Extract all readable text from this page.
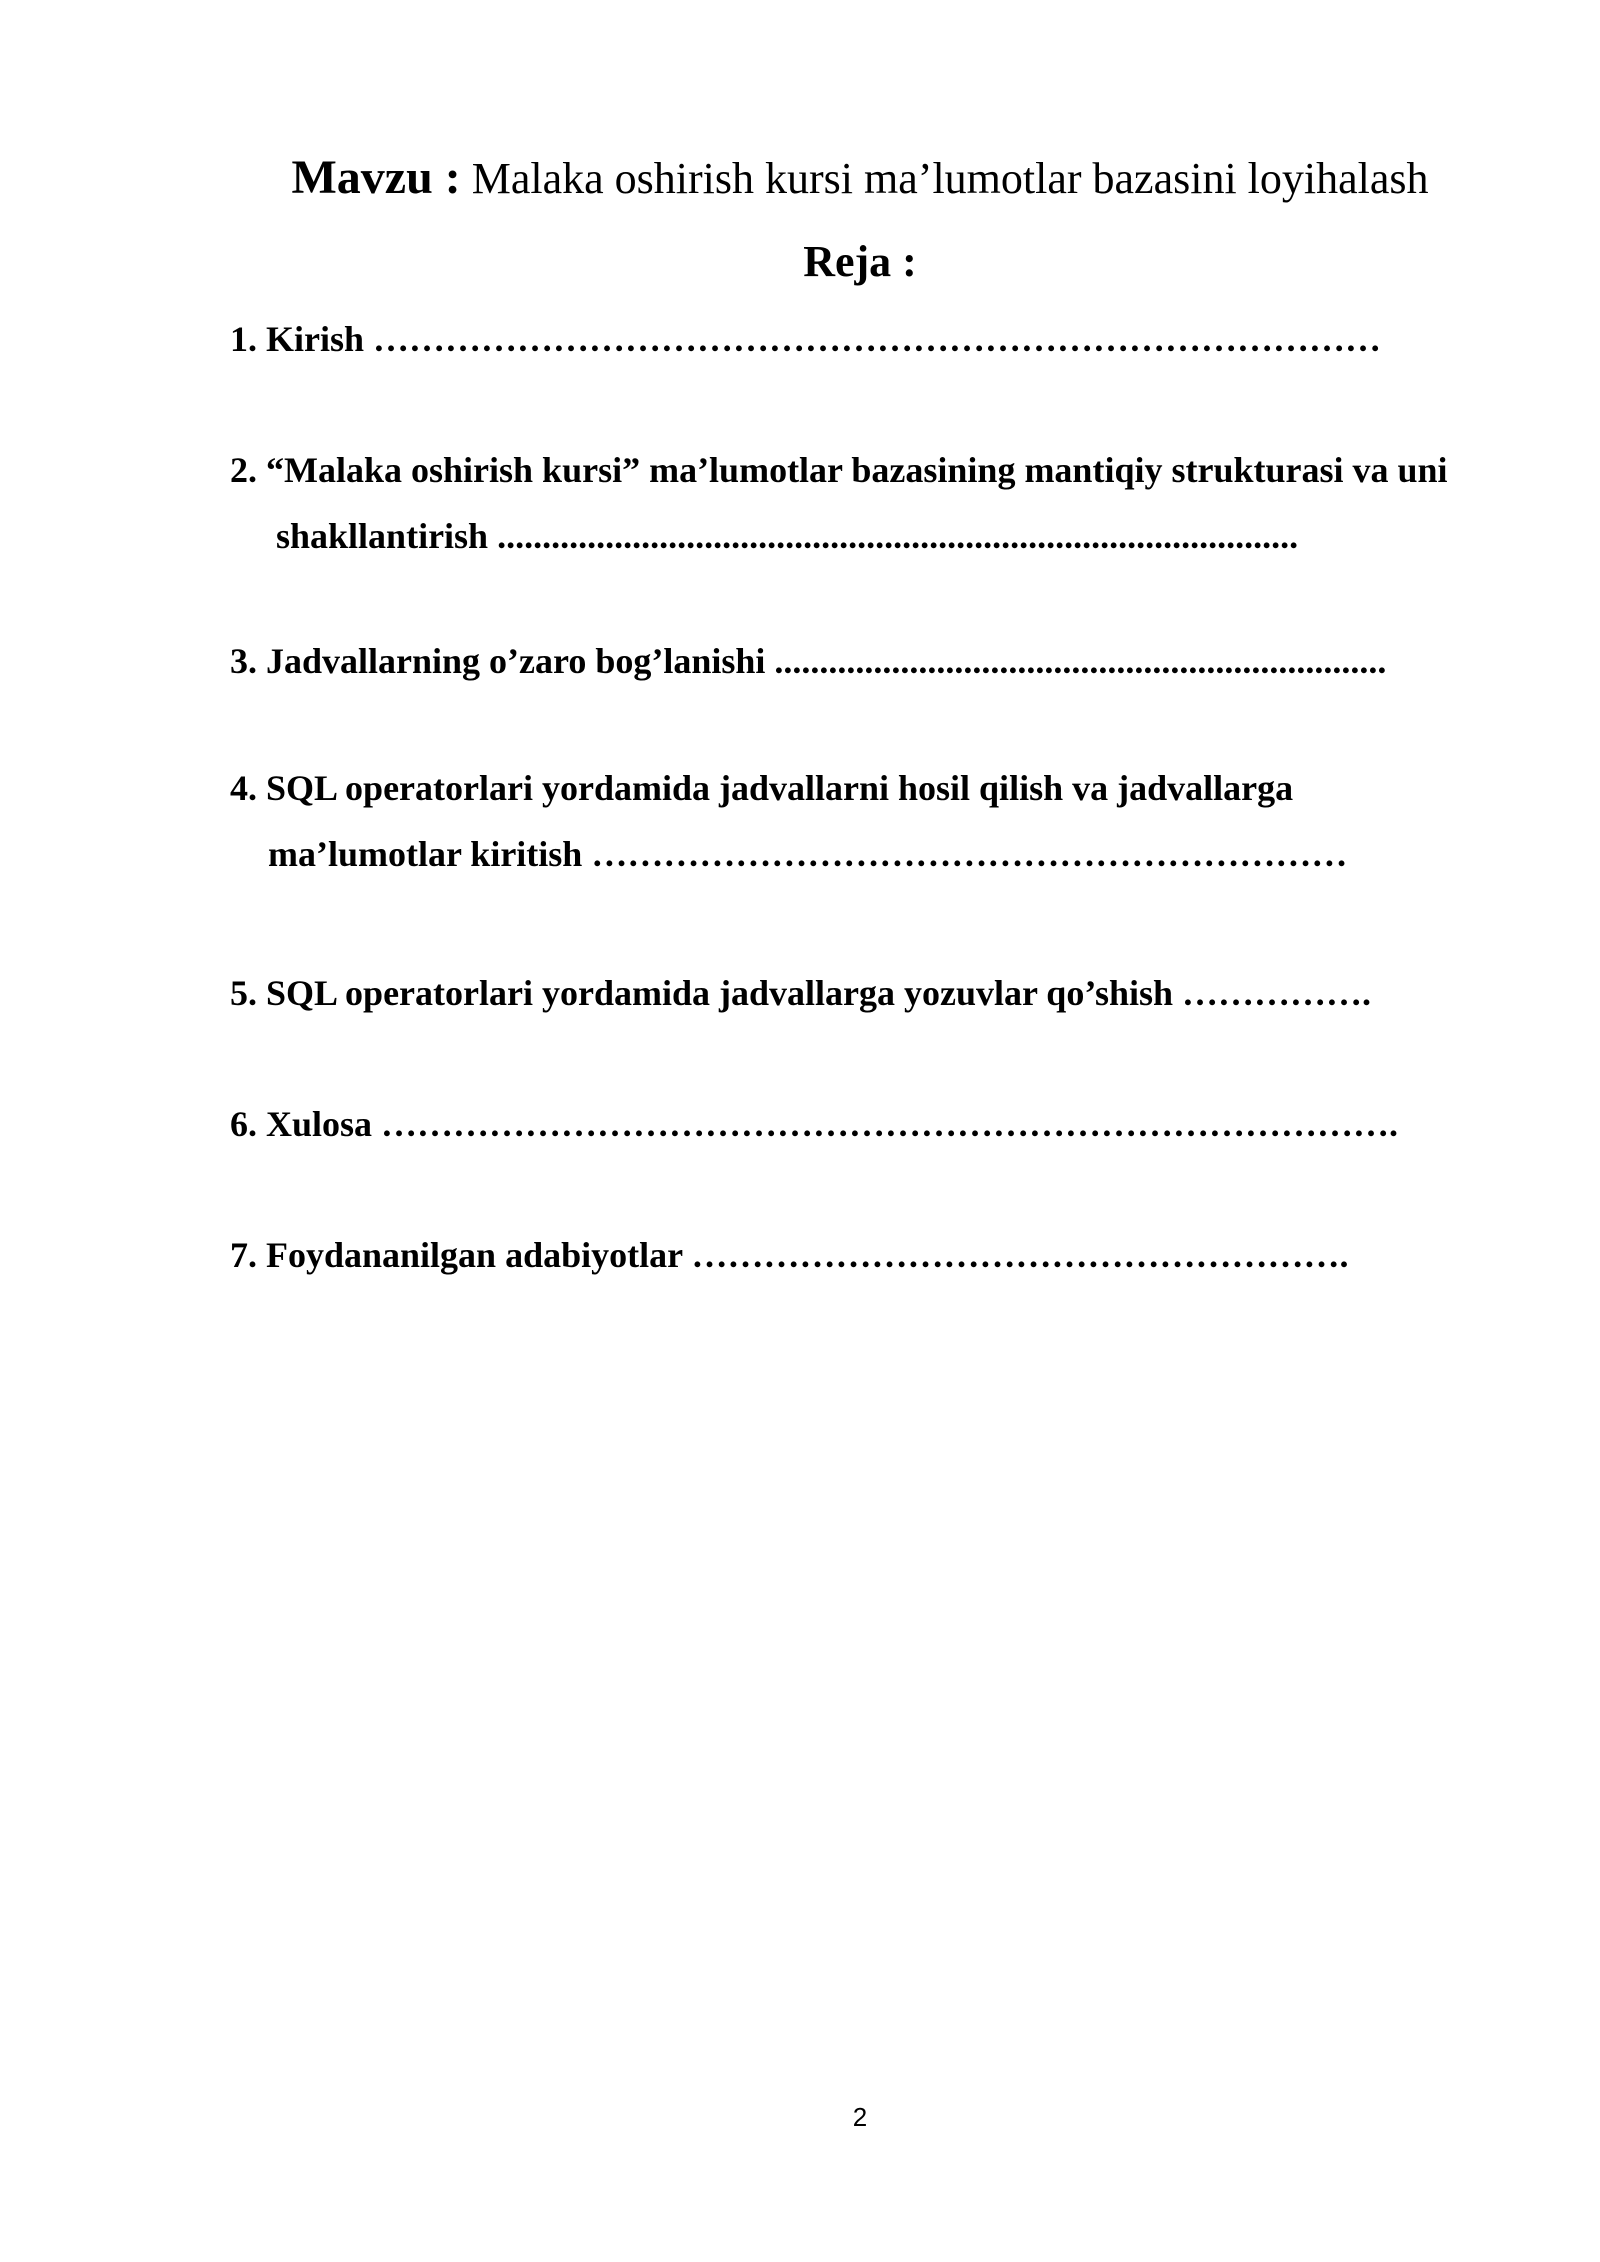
Mavzu : Malaka oshirish kursi ma’lumotlar bazasini loyihalash
Reja :
1. Kirish …………………………………………………………………………
2. “Malaka oshirish kursi” ma’lumotlar bazasining mantiqiy strukturasi va uni
shakllantirish .........................................................................................
3. Jadvallarning o’zaro bog’lanishi ....................................................................
4. SQL operatorlari yordamida jadvallarni hosil qilish va jadvallarga
ma’lumotlar kiritish ………………………………………………………
5. SQL operatorlari yordamida jadvallarga yozuvlar qo’shish …………….
6. Xulosa ………………………………………………………………………….
7. Foydananilgan adabiyotlar ……………………………………………….
2
